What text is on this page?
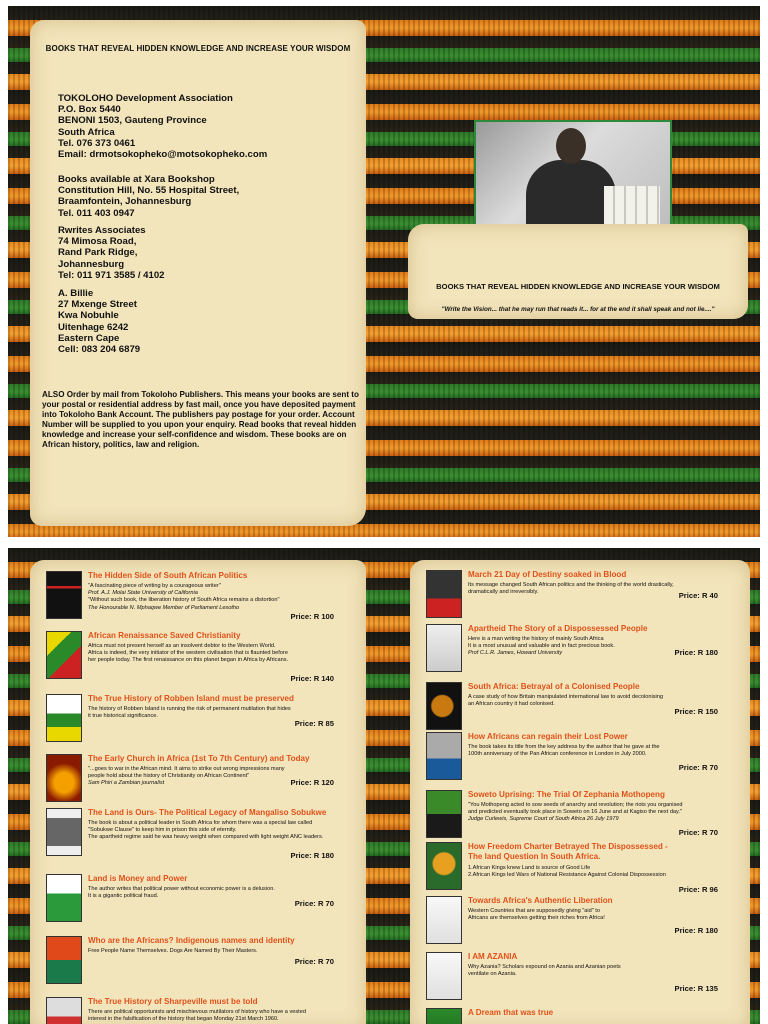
BOOKS THAT REVEAL HIDDEN KNOWLEDGE AND INCREASE YOUR WISDOM
TOKOLOHO Development Association
P.O. Box 5440
BENONI 1503, Gauteng Province
South Africa
Tel. 076 373 0461
Email: drmotsokopheko@motsokopheko.com
Books available at Xara Bookshop
Constitution Hill, No. 55 Hospital Street,
Braamfontein, Johannesburg
Tel. 011 403 0947
Rwrites Associates
74 Mimosa Road,
Rand Park Ridge,
Johannesburg
Tel: 011 971 3585 / 4102
A. Billie
27 Mxenge Street
Kwa Nobuhle
Uitenhage 6242
Eastern Cape
Cell: 083 204 6879
ALSO Order by mail from Tokoloho Publishers. This means your books are sent to your postal or residential address by fast mail, once you have deposited payment into Tokoloho Bank Account. The publishers pay postage for your order. Account Number will be supplied to you upon your enquiry. Read books that reveal hidden knowledge and increase your self-confidence and wisdom. These books are on African history, politics, law and religion.
BOOKS THAT REVEAL HIDDEN KNOWLEDGE AND INCREASE YOUR WISDOM
"Write the Vision... that he may run that reads it... for at the end it shall speak and not lie...."
The Hidden Side of South African Politics
"A fascinating piece of writing by a courageous writer"
Prof. A.J. Molai State University of California
"Without such book, the liberation history of South Africa remains a distortion"
The Honourable N. Mphaqwe Member of Parliament Lesotho
Price: R 100
African Renaissance Saved Christianity
Africa must not present herself as an insolvent debtor to the Western World.
Africa is indeed, the very initiator of the western civilisation that is flaunted before
her people today. The first renaissance on this planet began in Africa by Africans.
Price: R 140
The True History of Robben Island must be preserved
The history of Robben Island is running the risk of permanent mutilation that hides
it true historical significance.
Price: R 85
The Early Church in Africa (1st To 7th Century) and Today
"...goes to war in the African mind. It aims to strike out wrong impressions many
people hold about the history of Christianity on African Continent"
Sam Phiri a Zambian journalist	Price: R 120
The Land is Ours- The Political Legacy of Mangaliso Sobukwe
The book is about a political leader in South Africa for whom there was a special law called
"Sobukwe Clause" to keep him in prison this side of eternity.
The apartheid regime said he was heavy weight when compared with light weight ANC leaders.
Price: R 180
Land is Money and Power
The author writes that political power without economic power is a delusion.
It is a gigantic political fraud.
Price: R 70
Who are the Africans? Indigenous names and identity
Free People Name Themselves. Dogs Are Named By Their Masters.
Price: R 70
The True History of Sharpeville must be told
There are political opportunists and mischievous mutilators of history who have a vested
interest in the falsification of the history that began Monday 21st March 1960.
March 21 Day of Destiny soaked in Blood
Its message changed South African politics and the thinking of the world drastically,
dramatically and irreversibly.	Price: R 40
Apartheid The Story of a Dispossessed People
Here is a man writing the history of mainly South Africa
It is a most unusual and valuable and in fact precious book.
Prof C.L.R. James, Howard University	Price: R 180
South Africa: Betrayal of a Colonised People
A case study of how Britain manipulated international law to avoid decolonising
an African country it had colonised.
Price: R 150
How Africans can regain their Lost Power
The book takes its title from the key address by the author that he gave at the
100th anniversary of the Pan African conference in London in July 2000.
Price: R 70
Soweto Uprising: The Trial Of Zephania Mothopeng
"You Mothopeng acted to sow seeds of anarchy and revolution; the riots you organised
and predicted eventually took place in Soweto on 16 June and at Kagiso the next day."
Judge Curlewis, Supreme Court of South Africa 26 July 1979
Price: R 70
How Freedom Charter Betrayed The Dispossessed -
The land Question In South Africa.
1.African Kings knew Land is source of Good Life
2.African Kings led Wars of National Resistance Against Colonial Dispossession
Price: R 96
Towards Africa's Authentic Liberation
Western Countries that are supposedly giving "aid" to
Africans are themselves getting their riches from Africa!
Price: R 180
I AM AZANIA
Why Azania? Scholars expound on Azania and Azanian poets
ventilate on Azania.
Price: R 135
A Dream that was true
